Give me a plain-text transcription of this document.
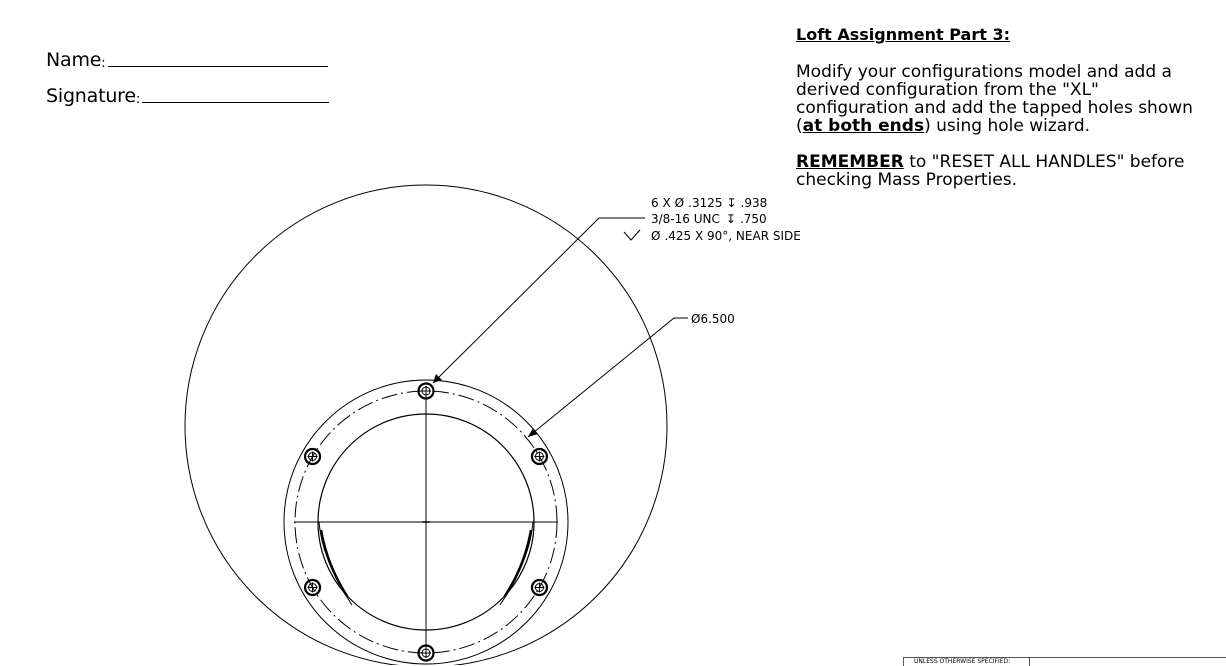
Name :
Signature :
Loft Assignment Part 3:

Modify your configurations model and add a derived configuration from the "XL" configuration and add the tapped holes shown (at both ends) using hole wizard.

REMEMBER to "RESET ALL HANDLES" before checking Mass Properties.

6 X Ø .3125 ↧ .938
3/8-16 UNC ↧ .750
Ø .425 X 90°, NEAR SIDE
Ø6.500
UNLESS OTHERWISE SPECIFIED:
